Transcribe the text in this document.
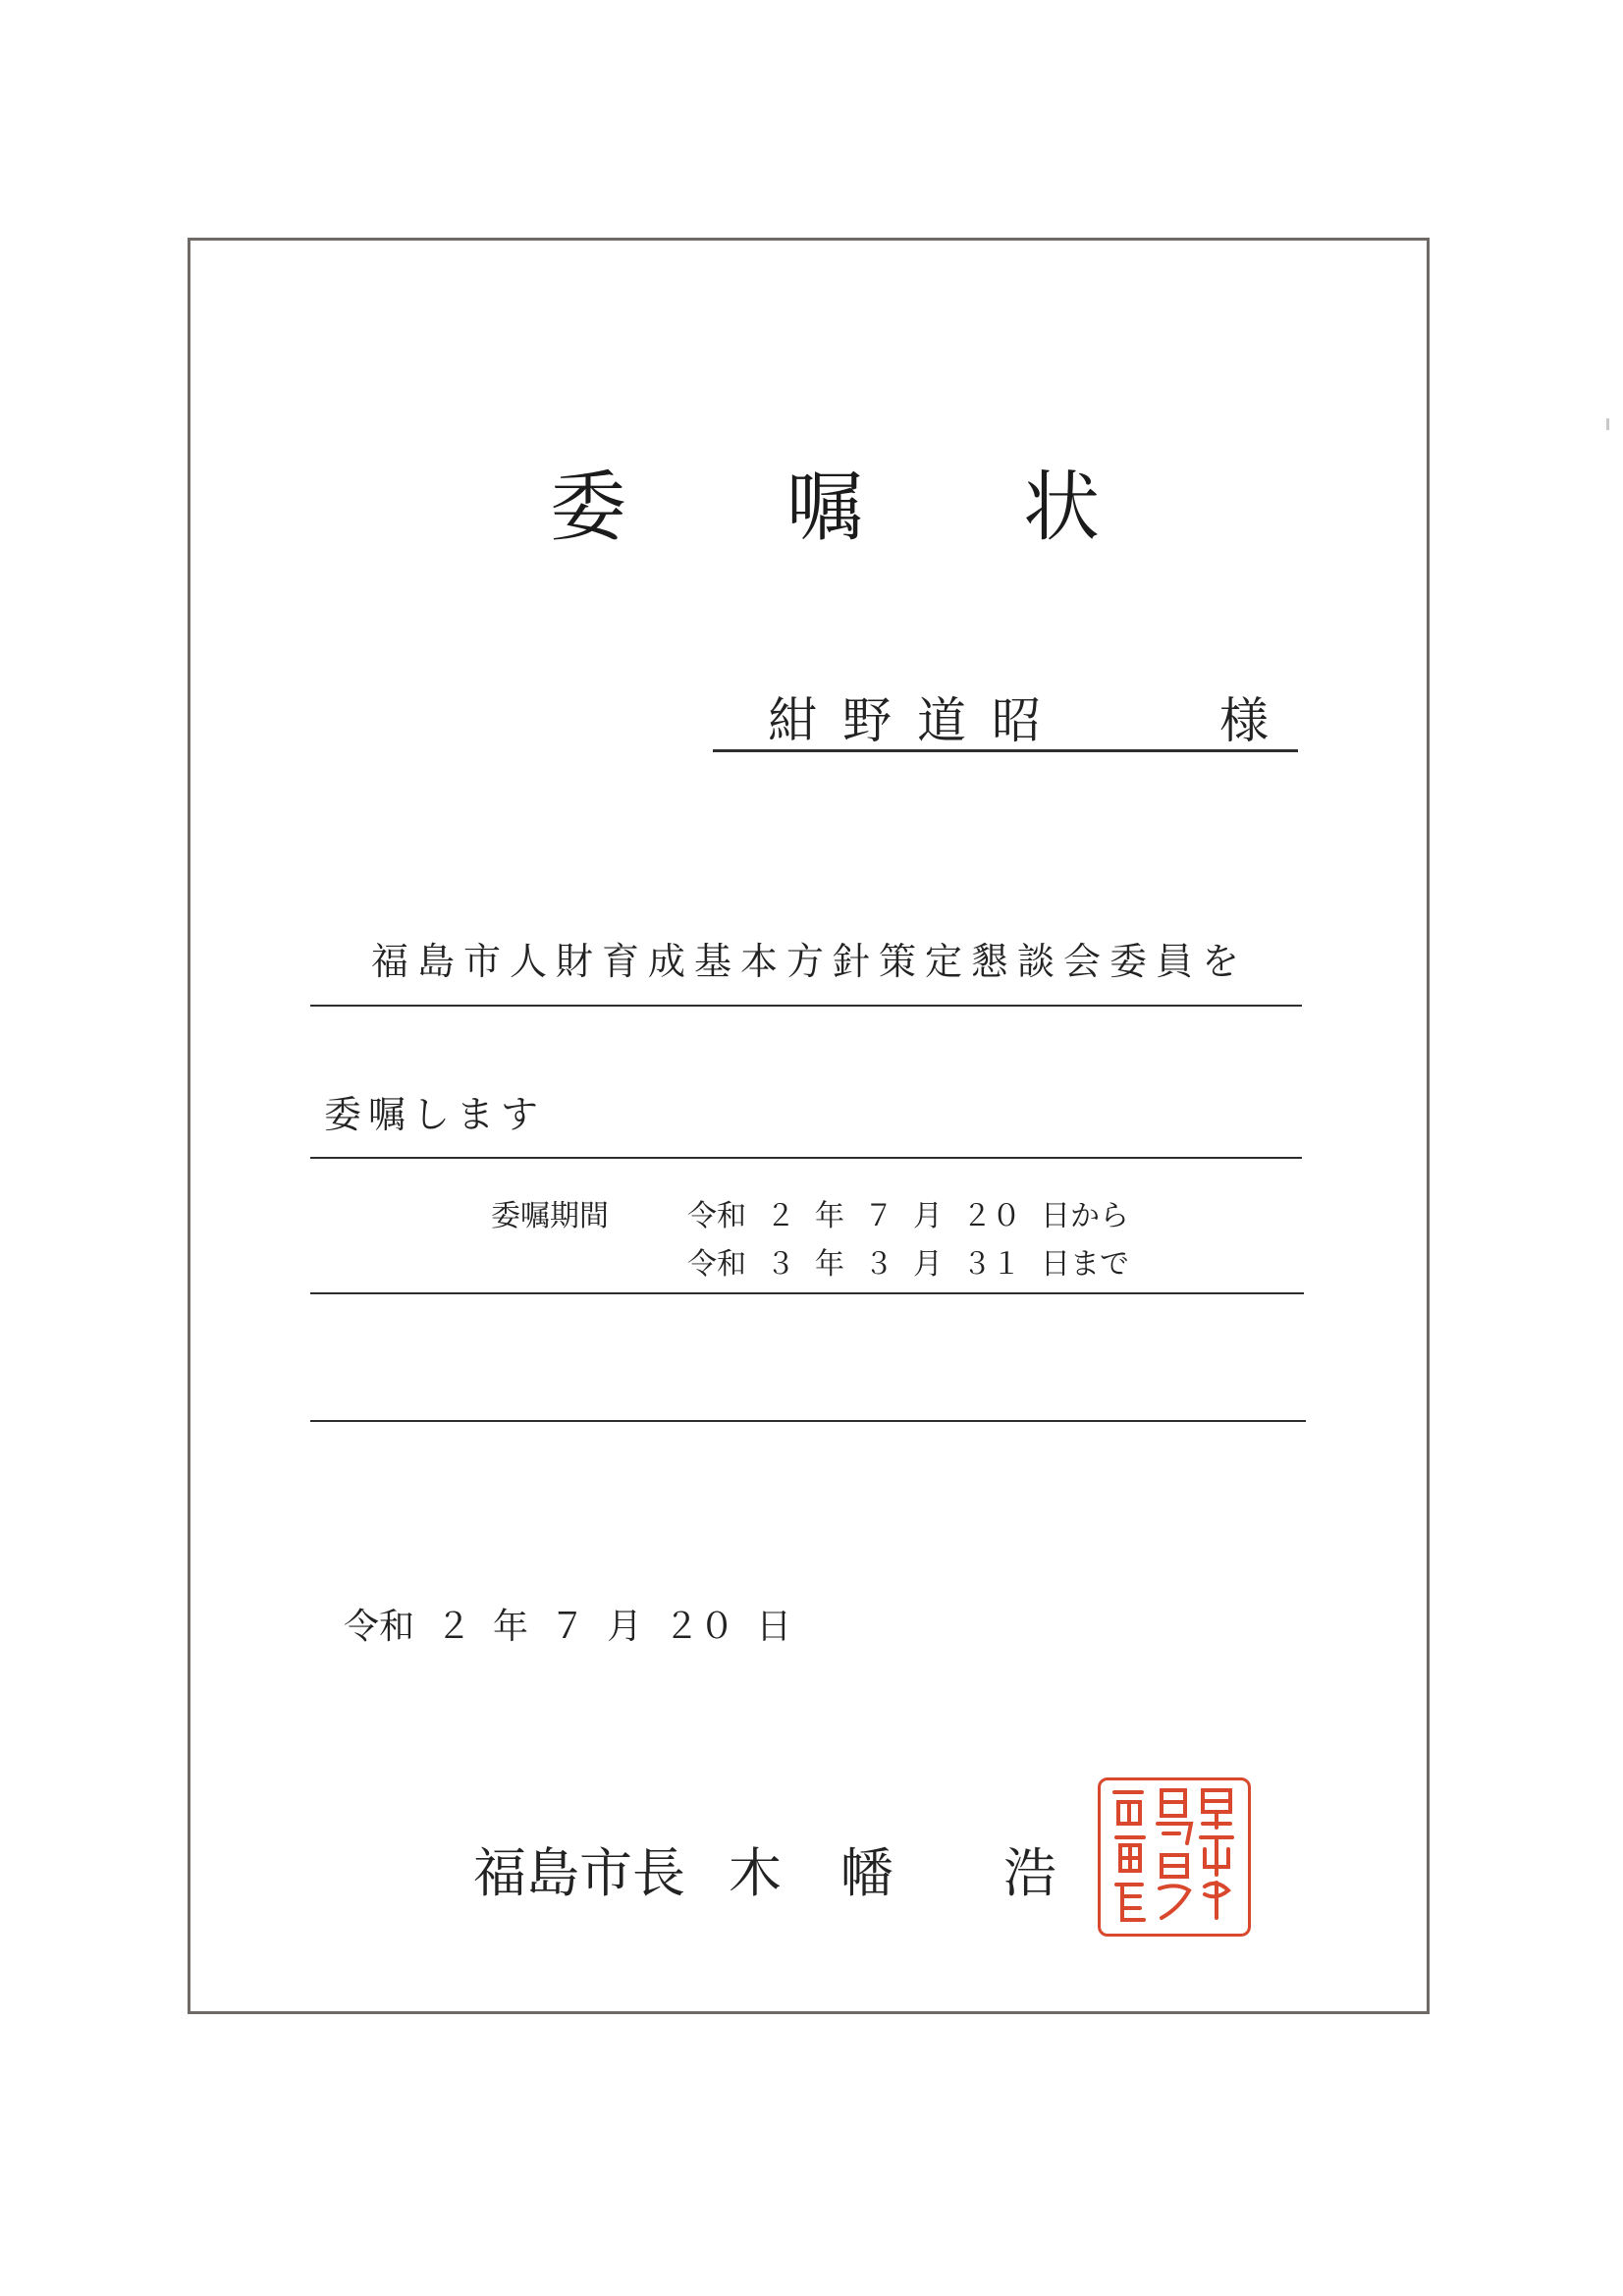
委 嘱 状
紺野道昭	様
福島市人財育成基本方針策定懇談会委員を
委嘱します
委嘱期間	令和 ２ 年 ７ 月 ２０ 日から
令和 ３ 年 ３ 月 ３１ 日まで
令和 ２ 年 ７ 月 ２０ 日
福島市長 木 幡 浩
